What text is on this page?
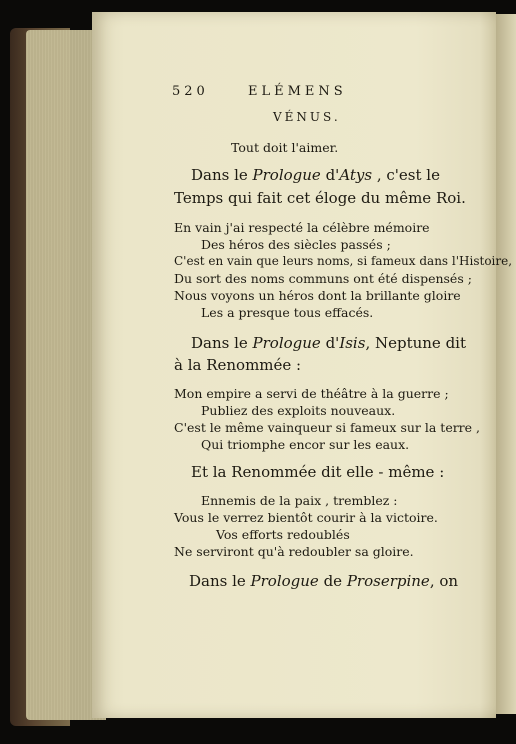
520	ELÉMENS
VÉNUS.
Tout doit l'aimer.
Dans le Prologue d'Atys , c'est le
Temps qui fait cet éloge du même Roi.
En vain j'ai respecté la célèbre mémoire
Des héros des siècles passés ;
C'est en vain que leurs noms, si fameux dans l'Histoire,
Du sort des noms communs ont été dispensés ;
Nous voyons un héros dont la brillante gloire
Les a presque tous effacés.
Dans le Prologue d'Isis, Neptune dit
à la Renommée :
Mon empire a servi de théâtre à la guerre ;
Publiez des exploits nouveaux.
C'est le même vainqueur si fameux sur la terre ,
Qui triomphe encor sur les eaux.
Et la Renommée dit elle - même :
Ennemis de la paix , tremblez :
Vous le verrez bientôt courir à la victoire.
Vos efforts redoublés
Ne serviront qu'à redoubler sa gloire.
Dans le Prologue de Proserpine, on
